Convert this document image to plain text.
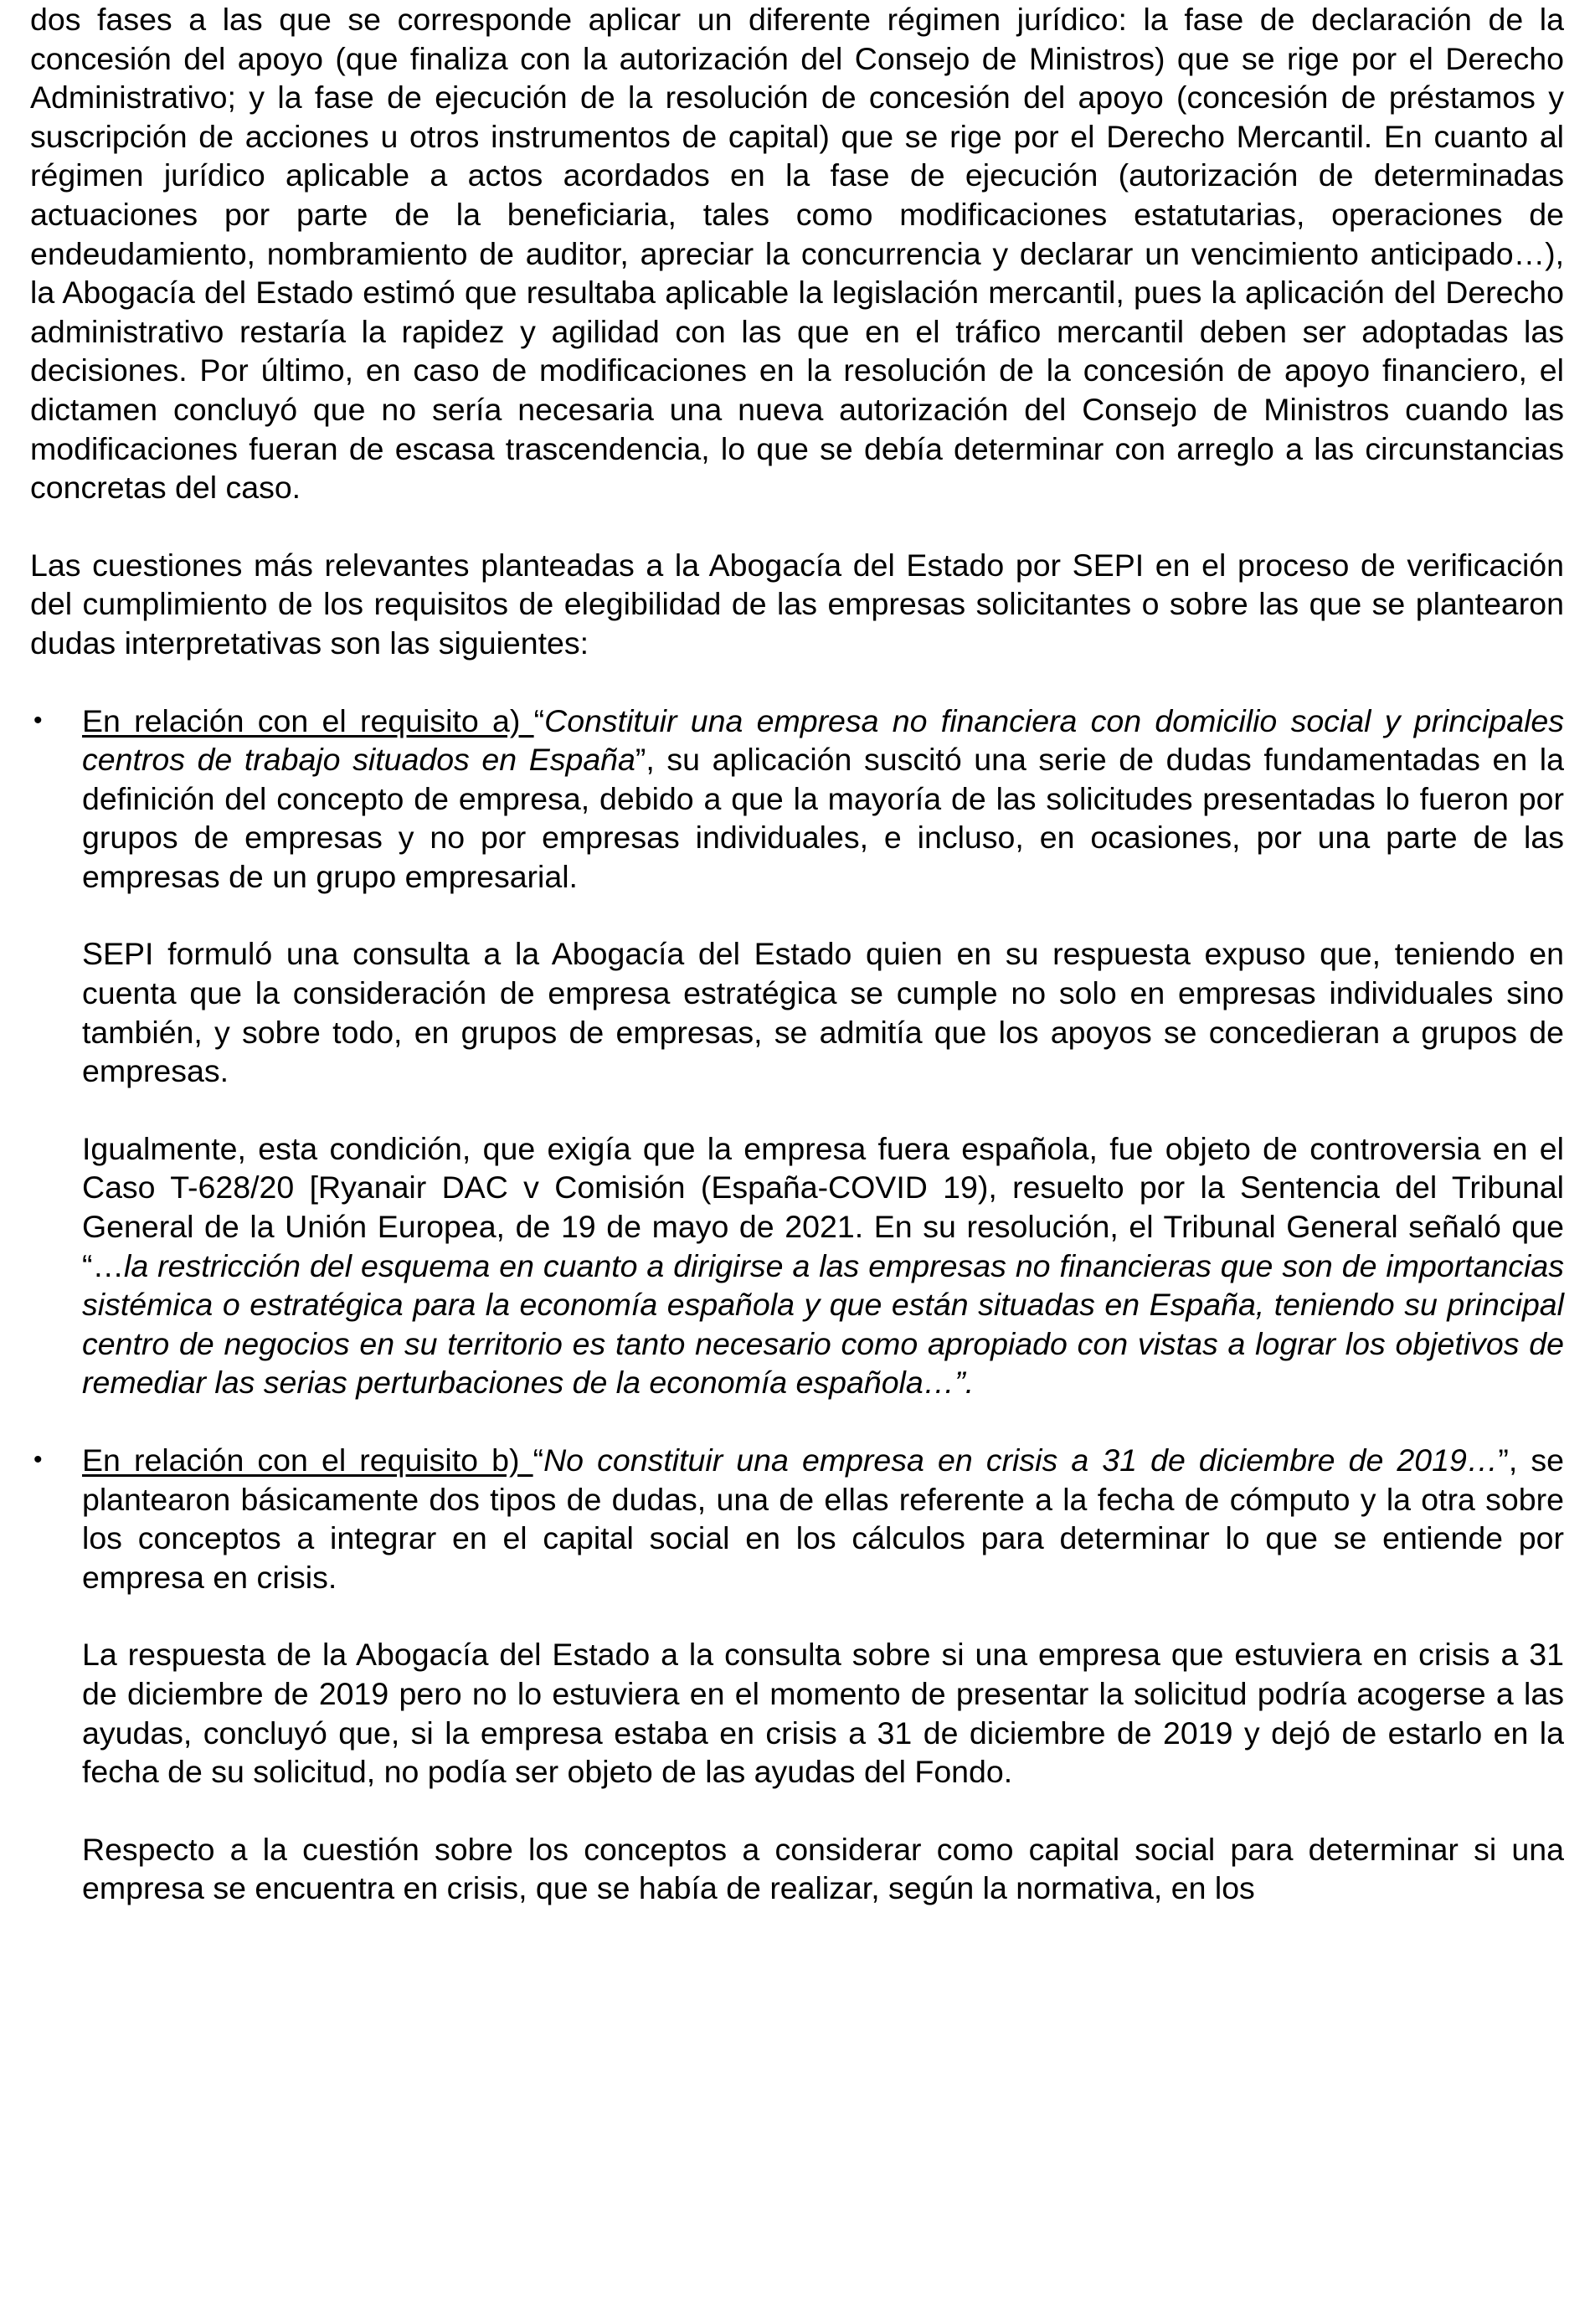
dos fases a las que se corresponde aplicar un diferente régimen jurídico: la fase de declaración de la concesión del apoyo (que finaliza con la autorización del Consejo de Ministros) que se rige por el Derecho Administrativo; y la fase de ejecución de la resolución de concesión del apoyo (concesión de préstamos y suscripción de acciones u otros instrumentos de capital) que se rige por el Derecho Mercantil. En cuanto al régimen jurídico aplicable a actos acordados en la fase de ejecución (autorización de determinadas actuaciones por parte de la beneficiaria, tales como modificaciones estatutarias, operaciones de endeudamiento, nombramiento de auditor, apreciar la concurrencia y declarar un vencimiento anticipado…), la Abogacía del Estado estimó que resultaba aplicable la legislación mercantil, pues la aplicación del Derecho administrativo restaría la rapidez y agilidad con las que en el tráfico mercantil deben ser adoptadas las decisiones. Por último, en caso de modificaciones en la resolución de la concesión de apoyo financiero, el dictamen concluyó que no sería necesaria una nueva autorización del Consejo de Ministros cuando las modificaciones fueran de escasa trascendencia, lo que se debía determinar con arreglo a las circunstancias concretas del caso.

Las cuestiones más relevantes planteadas a la Abogacía del Estado por SEPI en el proceso de verificación del cumplimiento de los requisitos de elegibilidad de las empresas solicitantes o sobre las que se plantearon dudas interpretativas son las siguientes:

• En relación con el requisito a) “Constituir una empresa no financiera con domicilio social y principales centros de trabajo situados en España”, su aplicación suscitó una serie de dudas fundamentadas en la definición del concepto de empresa, debido a que la mayoría de las solicitudes presentadas lo fueron por grupos de empresas y no por empresas individuales, e incluso, en ocasiones, por una parte de las empresas de un grupo empresarial.

SEPI formuló una consulta a la Abogacía del Estado quien en su respuesta expuso que, teniendo en cuenta que la consideración de empresa estratégica se cumple no solo en empresas individuales sino también, y sobre todo, en grupos de empresas, se admitía que los apoyos se concedieran a grupos de empresas.

Igualmente, esta condición, que exigía que la empresa fuera española, fue objeto de controversia en el Caso T-628/20 [Ryanair DAC v Comisión (España-COVID 19), resuelto por la Sentencia del Tribunal General de la Unión Europea, de 19 de mayo de 2021. En su resolución, el Tribunal General señaló que “…la restricción del esquema en cuanto a dirigirse a las empresas no financieras que son de importancias sistémica o estratégica para la economía española y que están situadas en España, teniendo su principal centro de negocios en su territorio es tanto necesario como apropiado con vistas a lograr los objetivos de remediar las serias perturbaciones de la economía española…”.

• En relación con el requisito b) “No constituir una empresa en crisis a 31 de diciembre de 2019…”, se plantearon básicamente dos tipos de dudas, una de ellas referente a la fecha de cómputo y la otra sobre los conceptos a integrar en el capital social en los cálculos para determinar lo que se entiende por empresa en crisis.

La respuesta de la Abogacía del Estado a la consulta sobre si una empresa que estuviera en crisis a 31 de diciembre de 2019 pero no lo estuviera en el momento de presentar la solicitud podría acogerse a las ayudas, concluyó que, si la empresa estaba en crisis a 31 de diciembre de 2019 y dejó de estarlo en la fecha de su solicitud, no podía ser objeto de las ayudas del Fondo.

Respecto a la cuestión sobre los conceptos a considerar como capital social para determinar si una empresa se encuentra en crisis, que se había de realizar, según la normativa, en los
